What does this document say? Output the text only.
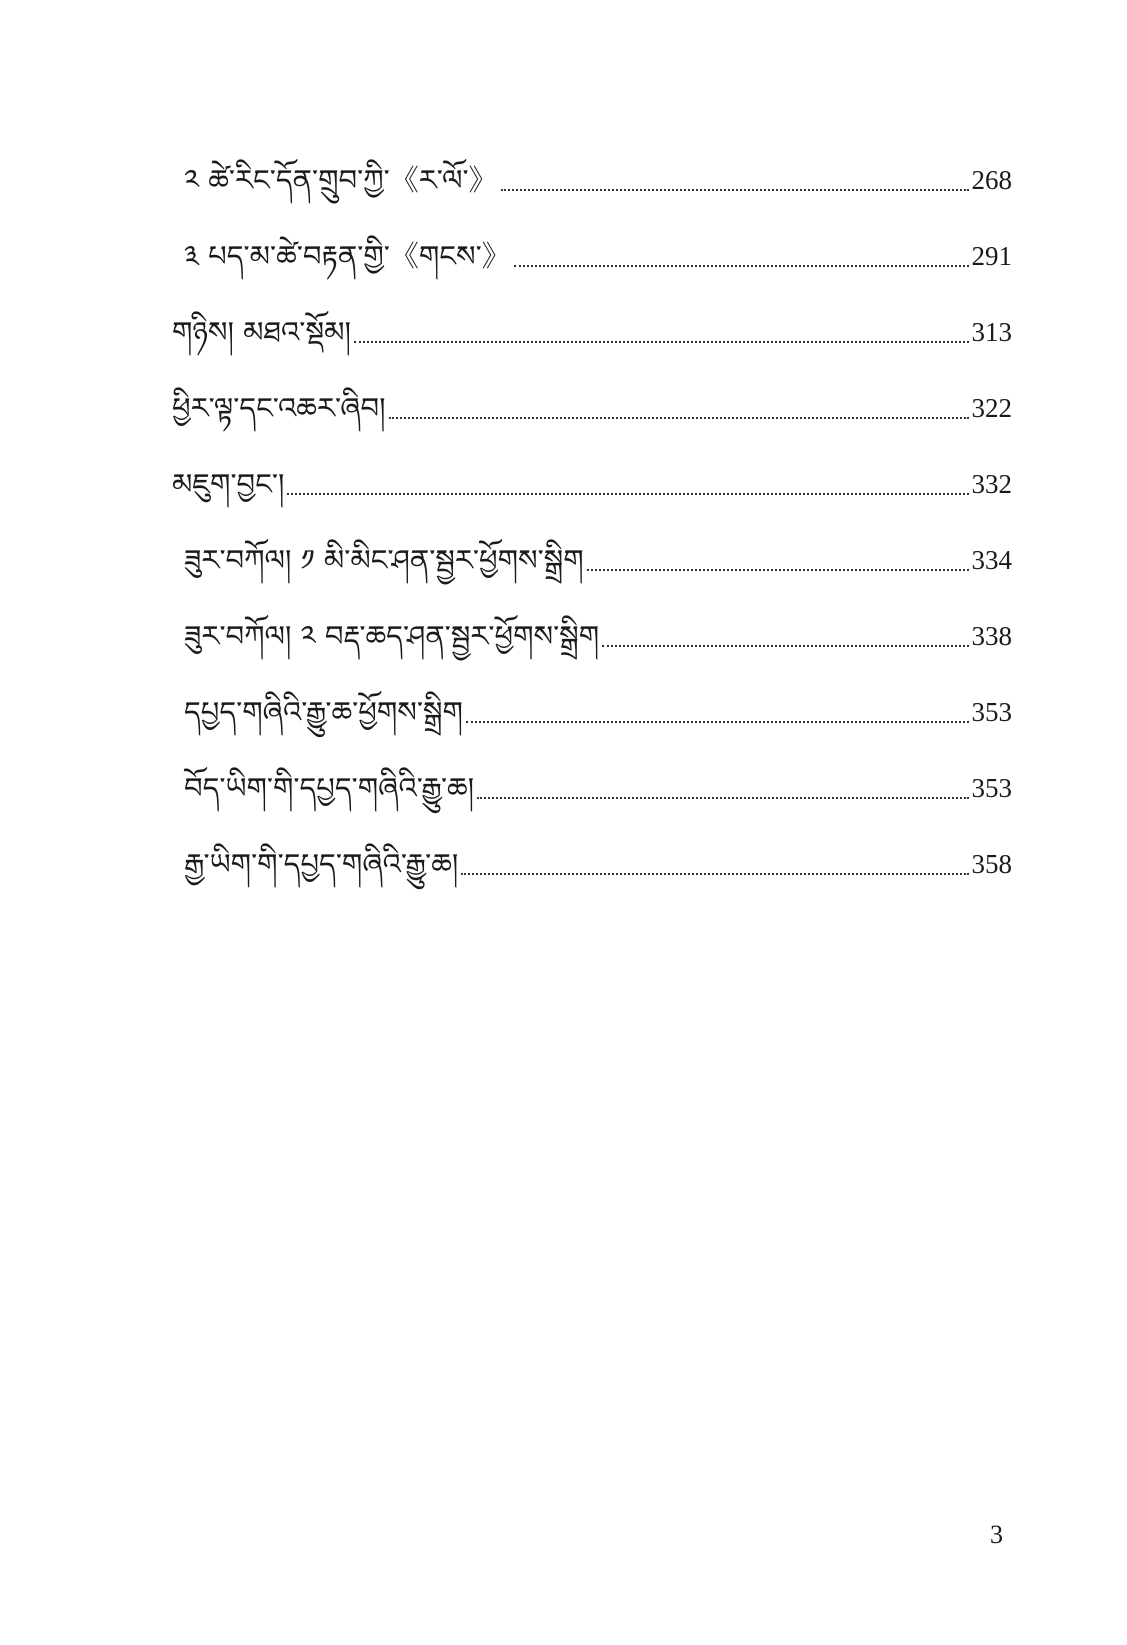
༢ ཚེ་རིང་དོན་གྲུབ་ཀྱི་《ར་ལོ་》	268
༣ པད་མ་ཚེ་བརྟན་གྱི་《གངས་》	291
གཉིས། མཐའ་སྡོམ།	313
ཕྱིར་ལྟ་དང་འཆར་ཞིབ།	322
མཇུག་བྱང་།	332
ཟུར་བཀོལ། ༡ མི་མིང་ཤན་སྦྱར་ཕྱོགས་སྒྲིག	334
ཟུར་བཀོལ། ༢ བརྡ་ཆད་ཤན་སྦྱར་ཕྱོགས་སྒྲིག	338
དཔྱད་གཞིའི་རྒྱུ་ཆ་ཕྱོགས་སྒྲིག	353
བོད་ཡིག་གི་དཔྱད་གཞིའི་རྒྱུ་ཆ།	353
རྒྱ་ཡིག་གི་དཔྱད་གཞིའི་རྒྱུ་ཆ།	358
3
